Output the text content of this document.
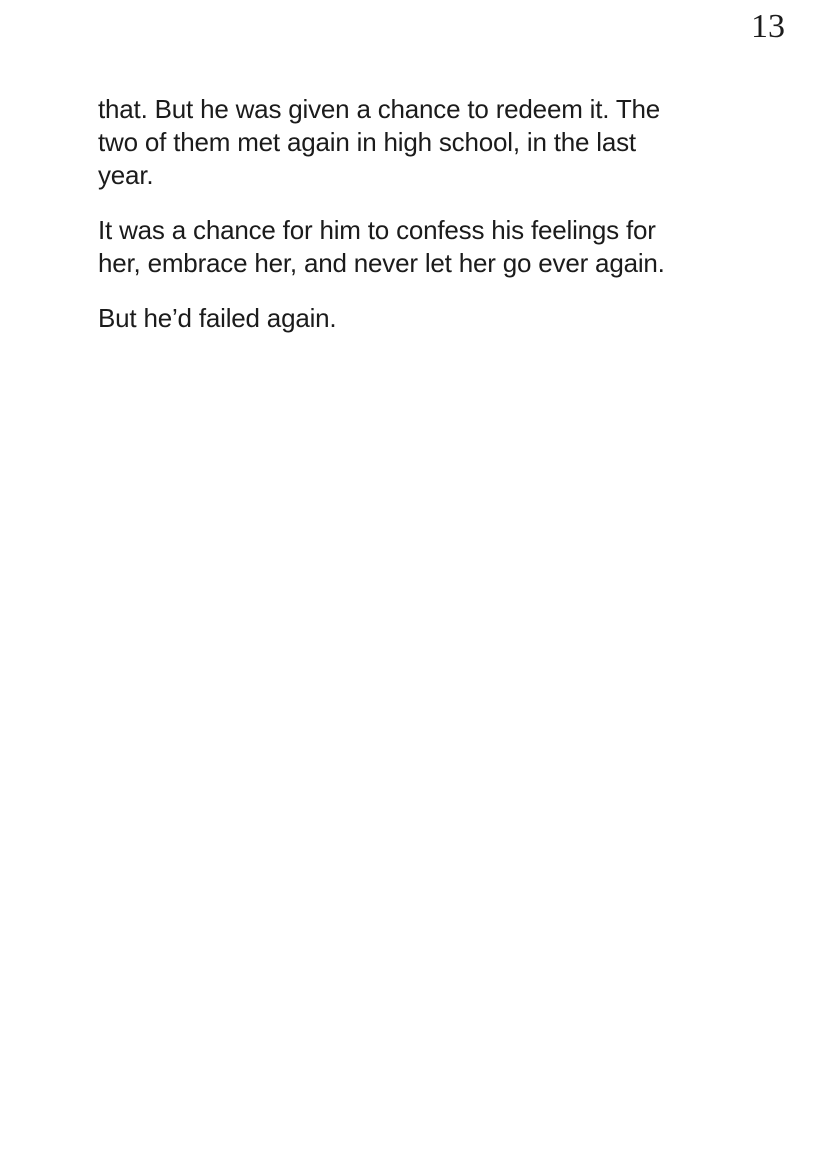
13

that. But he was given a chance to redeem it. The
two of them met again in high school, in the last
year.

It was a chance for him to confess his feelings for
her, embrace her, and never let her go ever again.

But he’d failed again.
